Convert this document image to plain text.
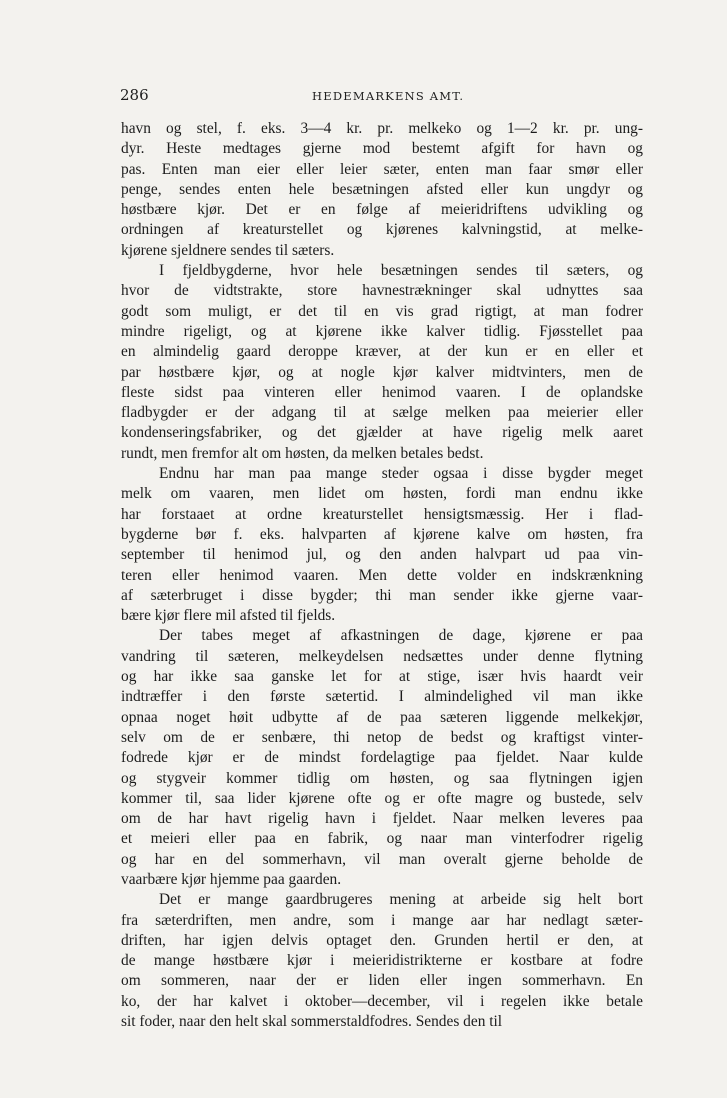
286	HEDEMARKENS AMT.
havn og stel, f. eks. 3—4 kr. pr. melkeko og 1—2 kr. pr. ung-
dyr. Heste medtages gjerne mod bestemt afgift for havn og
pas. Enten man eier eller leier sæter, enten man faar smør eller
penge, sendes enten hele besætningen afsted eller kun ungdyr og
høstbære kjør. Det er en følge af meieridriftens udvikling og
ordningen af kreaturstellet og kjørenes kalvningstid, at melke-
kjørene sjeldnere sendes til sæters.
I fjeldbygderne, hvor hele besætningen sendes til sæters, og
hvor de vidtstrakte, store havnestrækninger skal udnyttes saa
godt som muligt, er det til en vis grad rigtigt, at man fodrer
mindre rigeligt, og at kjørene ikke kalver tidlig. Fjøsstellet paa
en almindelig gaard deroppe kræver, at der kun er en eller et
par høstbære kjør, og at nogle kjør kalver midtvinters, men de
fleste sidst paa vinteren eller henimod vaaren. I de oplandske
fladbygder er der adgang til at sælge melken paa meierier eller
kondenseringsfabriker, og det gjælder at have rigelig melk aaret
rundt, men fremfor alt om høsten, da melken betales bedst.
Endnu har man paa mange steder ogsaa i disse bygder meget
melk om vaaren, men lidet om høsten, fordi man endnu ikke
har forstaaet at ordne kreaturstellet hensigtsmæssig. Her i flad-
bygderne bør f. eks. halvparten af kjørene kalve om høsten, fra
september til henimod jul, og den anden halvpart ud paa vin-
teren eller henimod vaaren. Men dette volder en indskrænkning
af sæterbruget i disse bygder; thi man sender ikke gjerne vaar-
bære kjør flere mil afsted til fjelds.
Der tabes meget af afkastningen de dage, kjørene er paa
vandring til sæteren, melkeydelsen nedsættes under denne flytning
og har ikke saa ganske let for at stige, især hvis haardt veir
indtræffer i den første sætertid. I almindelighed vil man ikke
opnaa noget høit udbytte af de paa sæteren liggende melkekjør,
selv om de er senbære, thi netop de bedst og kraftigst vinter-
fodrede kjør er de mindst fordelagtige paa fjeldet. Naar kulde
og stygveir kommer tidlig om høsten, og saa flytningen igjen
kommer til, saa lider kjørene ofte og er ofte magre og bustede, selv
om de har havt rigelig havn i fjeldet. Naar melken leveres paa
et meieri eller paa en fabrik, og naar man vinterfodrer rigelig
og har en del sommerhavn, vil man overalt gjerne beholde de
vaarbære kjør hjemme paa gaarden.
Det er mange gaardbrugeres mening at arbeide sig helt bort
fra sæterdriften, men andre, som i mange aar har nedlagt sæter-
driften, har igjen delvis optaget den. Grunden hertil er den, at
de mange høstbære kjør i meieridistrikterne er kostbare at fodre
om sommeren, naar der er liden eller ingen sommerhavn. En
ko, der har kalvet i oktober—december, vil i regelen ikke betale
sit foder, naar den helt skal sommerstaldfodres. Sendes den til
